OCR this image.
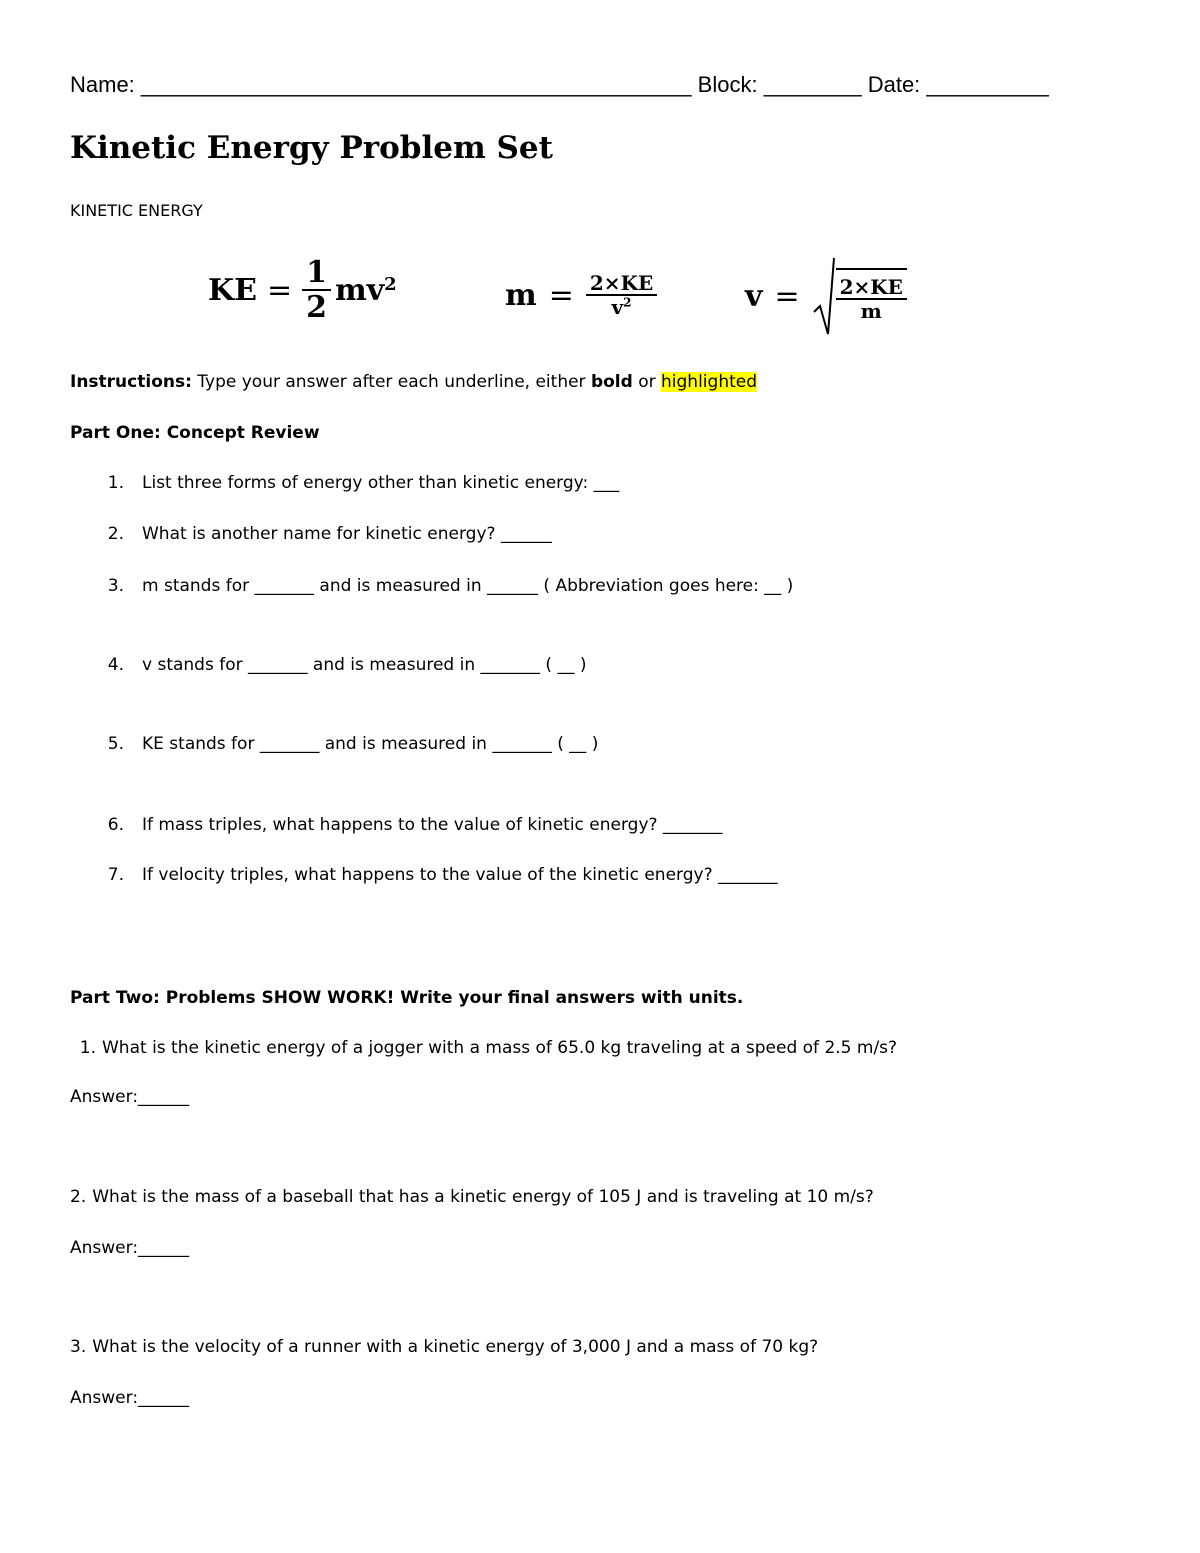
Name: _____________________________________________ Block: ________ Date: __________
Kinetic Energy Problem Set
KINETIC ENERGY
KE = $\frac{1}{2} mv^2$	$m = \frac{2\times KE}{v^2}$	$v = \frac{2\times KE}{m}$
Instructions: Type your answer after each underline, either bold or highlighted
Part One: Concept Review
1. List three forms of energy other than kinetic energy: ___
2. What is another name for kinetic energy? ______
3. m stands for _______ and is measured in ______ ( Abbreviation goes here: __ )
4. v stands for _______ and is measured in _______ ( __ )
5. KE stands for _______ and is measured in _______ ( __ )
6. If mass triples, what happens to the value of kinetic energy? _______
7. If velocity triples, what happens to the value of the kinetic energy? _______
Part Two: Problems SHOW WORK! Write your final answers with units.
1. What is the kinetic energy of a jogger with a mass of 65.0 kg traveling at a speed of 2.5 m/s?
Answer:______
2. What is the mass of a baseball that has a kinetic energy of 105 J and is traveling at 10 m/s?
Answer:______
3. What is the velocity of a runner with a kinetic energy of 3,000 J and a mass of 70 kg?
Answer:______
